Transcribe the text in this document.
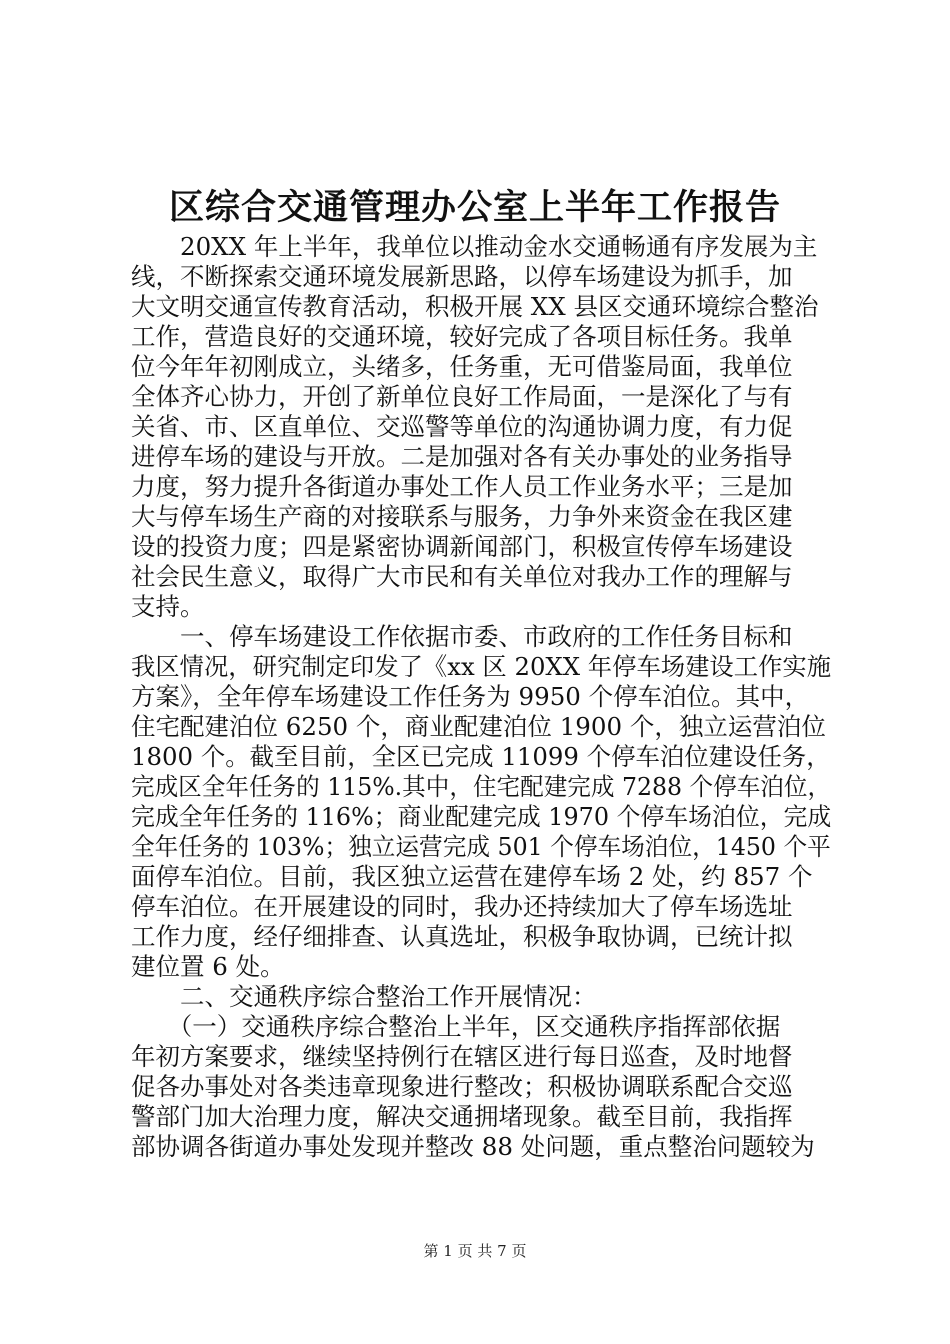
区综合交通管理办公室上半年工作报告
　　20XX 年上半年，我单位以推动金水交通畅通有序发展为主
线，不断探索交通环境发展新思路，以停车场建设为抓手，加
大文明交通宣传教育活动，积极开展 XX 县区交通环境综合整治
工作，营造良好的交通环境，较好完成了各项目标任务。我单
位今年年初刚成立，头绪多，任务重，无可借鉴局面，我单位
全体齐心协力，开创了新单位良好工作局面，一是深化了与有
关省、市、区直单位、交巡警等单位的沟通协调力度，有力促
进停车场的建设与开放。二是加强对各有关办事处的业务指导
力度，努力提升各街道办事处工作人员工作业务水平；三是加
大与停车场生产商的对接联系与服务，力争外来资金在我区建
设的投资力度；四是紧密协调新闻部门，积极宣传停车场建设
社会民生意义，取得广大市民和有关单位对我办工作的理解与
支持。
　　一、停车场建设工作依据市委、市政府的工作任务目标和
我区情况，研究制定印发了《xx 区 20XX 年停车场建设工作实施
方案》，全年停车场建设工作任务为 9950 个停车泊位。其中，
住宅配建泊位 6250 个，商业配建泊位 1900 个，独立运营泊位
1800 个。截至目前，全区已完成 11099 个停车泊位建设任务，
完成区全年任务的 115%.其中，住宅配建完成 7288 个停车泊位，
完成全年任务的 116%；商业配建完成 1970 个停车场泊位，完成
全年任务的 103%；独立运营完成 501 个停车场泊位，1450 个平
面停车泊位。目前，我区独立运营在建停车场 2 处，约 857 个
停车泊位。在开展建设的同时，我办还持续加大了停车场选址
工作力度，经仔细排查、认真选址，积极争取协调，已统计拟
建位置 6 处。
　　二、交通秩序综合整治工作开展情况：
　　（一）交通秩序综合整治上半年，区交通秩序指挥部依据
年初方案要求，继续坚持例行在辖区进行每日巡查，及时地督
促各办事处对各类违章现象进行整改；积极协调联系配合交巡
警部门加大治理力度，解决交通拥堵现象。截至目前，我指挥
部协调各街道办事处发现并整改 88 处问题，重点整治问题较为
第 1 页 共 7 页
